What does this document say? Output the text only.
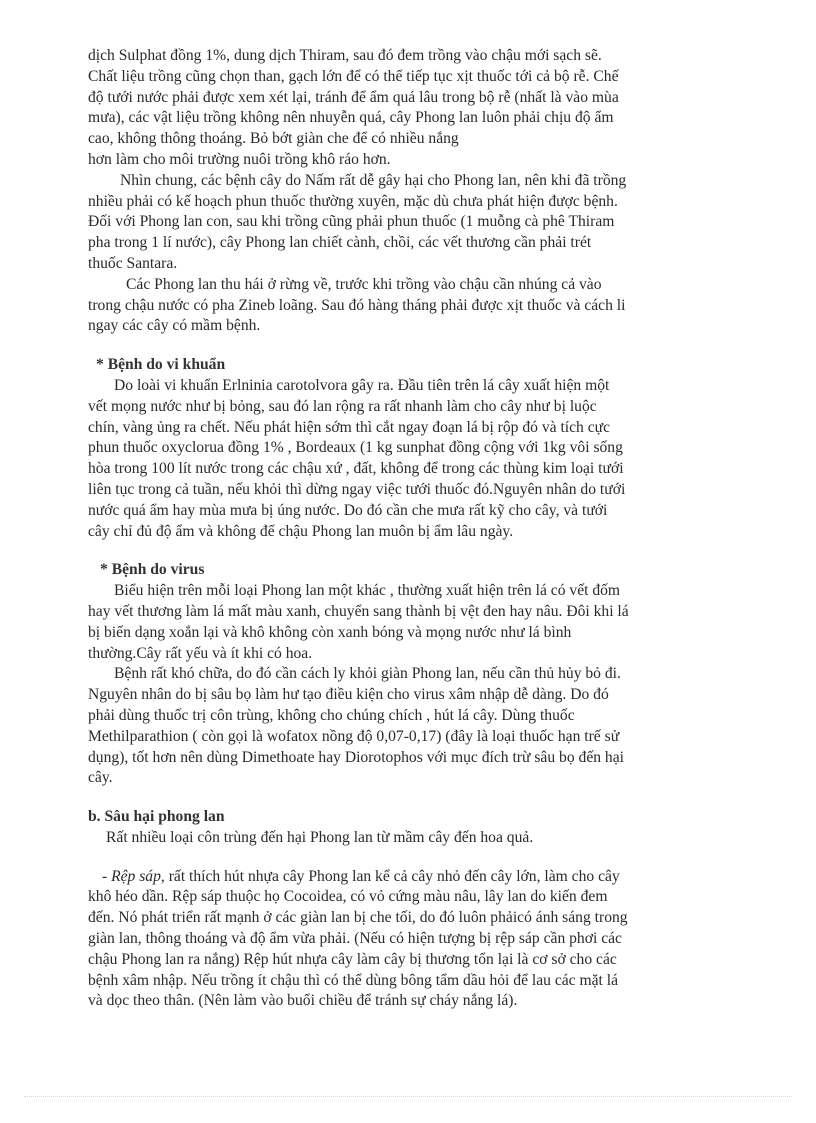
dịch Sulphat đồng 1%, dung dịch Thiram, sau đó đem trồng vào chậu mới sạch sẽ.
Chất liệu trồng cũng chọn than, gạch lớn để có thể tiếp tục xịt thuốc tới cả bộ rễ. Chế
độ tưới nước phải được xem xét lại, tránh để ẩm quá lâu trong bộ rễ (nhất là vào mùa
mưa), các vật liệu trồng không nên nhuyễn quá, cây Phong lan luôn phải chịu độ ẩm
cao, không thông thoáng. Bỏ bớt giàn che để có nhiều nắng
hơn làm cho môi trường nuôi trồng khô ráo hơn.
Nhìn chung, các bệnh cây do Nấm rất dễ gây hại cho Phong lan, nên khi đã trồng
nhiều phải có kế hoạch phun thuốc thường xuyên, mặc dù chưa phát hiện được bệnh.
Đối với Phong lan con, sau khi trồng cũng phải phun thuốc (1 muỗng cà phê Thiram
pha trong 1 lí nước), cây Phong lan chiết cành, chồi, các vết thương cần phải trét
thuốc Santara.
Các Phong lan thu hái ở rừng về, trước khi trồng vào chậu cần nhúng cả vào
trong chậu nước có pha Zineb loãng. Sau đó hàng tháng phải được xịt thuốc và cách li
ngay các cây có mầm bệnh.
* Bệnh do vi khuẩn
Do loài vi khuẩn Erlninia carotolvora gây ra. Đầu tiên trên lá cây xuất hiện một
vết mọng nước như bị bỏng, sau đó lan rộng ra rất nhanh làm cho cây như bị luộc
chín, vàng ủng ra chết. Nếu phát hiện sớm thì cắt ngay đoạn lá bị rộp đó và tích cực
phun thuốc oxyclorua đồng 1% , Bordeaux (1 kg sunphat đồng cộng với 1kg vôi sống
hòa trong 100 lít nước trong các chậu xứ , đất, không để trong các thùng kim loại tưới
liên tục trong cả tuần, nếu khỏi thì dừng ngay việc tưới thuốc đó.Nguyên nhân do tưới
nước quá ẩm hay mùa mưa bị úng nước. Do đó cần che mưa rất kỹ cho cây, và tưới
cây chỉ đủ độ ẩm và không để chậu Phong lan muôn bị ẩm lâu ngày.
* Bệnh do virus
Biểu hiện trên mỗi loại Phong lan một khác , thường xuất hiện trên lá có vết đốm
hay vết thương làm lá mất màu xanh, chuyển sang thành bị vệt đen hay nâu. Đôi khi lá
bị biến dạng xoắn lại và khô không còn xanh bóng và mọng nước như lá bình
thường.Cây rất yếu và ít khi có hoa.
Bệnh rất khó chữa, do đó cần cách ly khỏi giàn Phong lan, nếu cần thủ hủy bỏ đi.
Nguyên nhân do bị sâu bọ làm hư tạo điều kiện cho virus xâm nhập dễ dàng. Do đó
phải dùng thuốc trị côn trùng, không cho chúng chích , hút lá cây. Dùng thuốc
Methilparathion ( còn gọi là wofatox nồng độ 0,07-0,17) (đây là loại thuốc hạn trế sử
dụng), tốt hơn nên dùng Dimethoate hay Diorotophos với mục đích trừ sâu bọ đến hại
cây.
b. Sâu hại phong lan
Rất nhiều loại côn trùng đến hại Phong lan từ mầm cây đến hoa quả.
- Rệp sáp, rất thích hút nhựa cây Phong lan kể cả cây nhỏ đến cây lớn, làm cho cây
khô héo dần. Rệp sáp thuộc họ Cocoidea, có vỏ cứng màu nâu, lây lan do kiến đem
đến. Nó phát triển rất mạnh ở các giàn lan bị che tối, do đó luôn phảicó ánh sáng trong
giàn lan, thông thoáng và độ ẩm vừa phải. (Nếu có hiện tượng bị rệp sáp cần phơi các
chậu Phong lan ra nắng) Rệp hút nhựa cây làm cây bị thương tổn lại là cơ sở cho các
bệnh xâm nhập. Nếu trồng ít chậu thì có thể dùng bông tẩm dầu hỏi để lau các mặt lá
và dọc theo thân. (Nên làm vào buổi chiều để tránh sự cháy nắng lá).
